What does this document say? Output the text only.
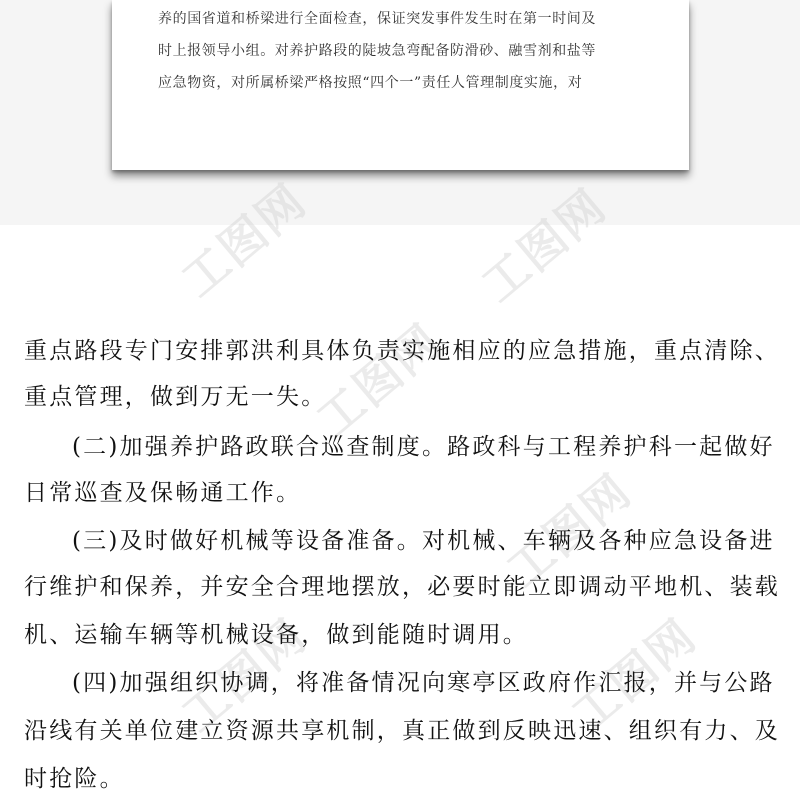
养的国省道和桥梁进行全面检查，保证突发事件发生时在第一时间及
时上报领导小组。对养护路段的陡坡急弯配备防滑砂、融雪剂和盐等
应急物资，对所属桥梁严格按照“四个一”责任人管理制度实施，对
工图网	工图网
工图网
工图网
工图网	工图网
重点路段专门安排郭洪利具体负责实施相应的应急措施，重点清除、
重点管理，做到万无一失。
(二)加强养护路政联合巡查制度。路政科与工程养护科一起做好
日常巡查及保畅通工作。
(三)及时做好机械等设备准备。对机械、车辆及各种应急设备进
行维护和保养，并安全合理地摆放，必要时能立即调动平地机、装载
机、运输车辆等机械设备，做到能随时调用。
(四)加强组织协调，将准备情况向寒亭区政府作汇报，并与公路
沿线有关单位建立资源共享机制，真正做到反映迅速、组织有力、及
时抢险。
